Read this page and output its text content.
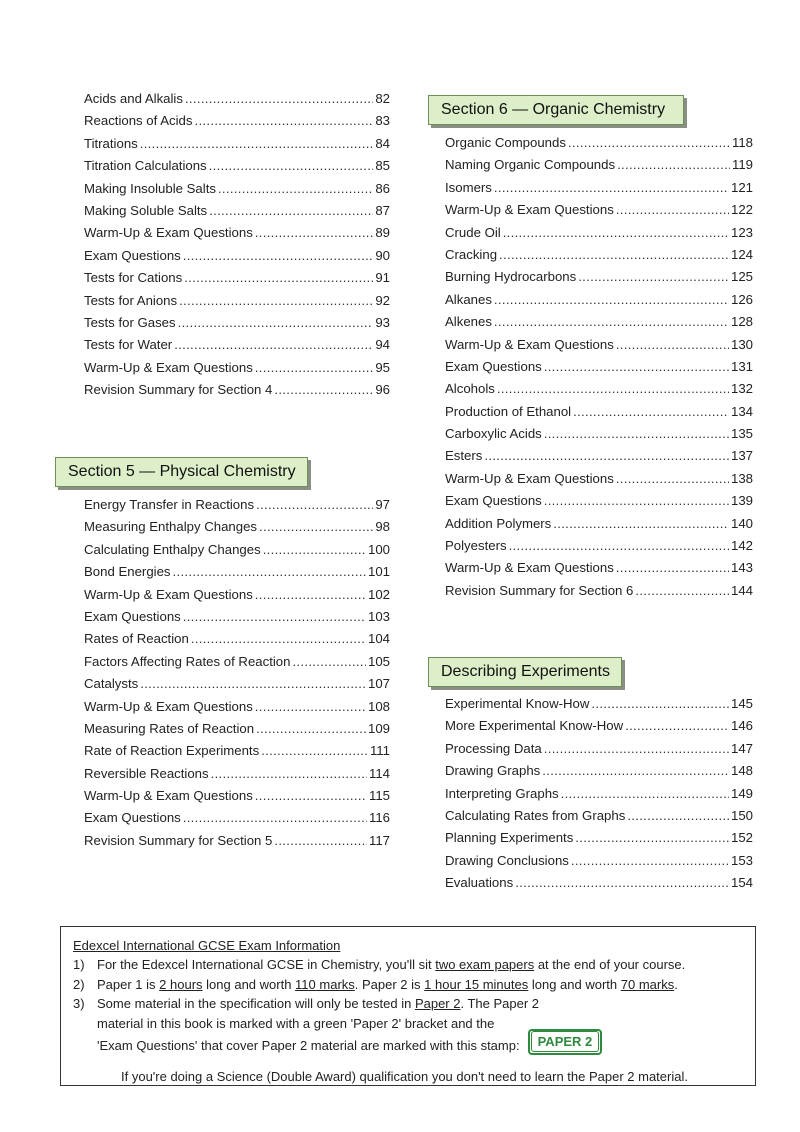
Acids and Alkalis .....	82
Reactions of Acids .....	83
Titrations .....	84
Titration Calculations .....	85
Making Insoluble Salts .....	86
Making Soluble Salts .....	87
Warm-Up & Exam Questions .....	89
Exam Questions .....	90
Tests for Cations .....	91
Tests for Anions .....	92
Tests for Gases .....	93
Tests for Water .....	94
Warm-Up & Exam Questions .....	95
Revision Summary for Section 4 .....	96
Section 5 — Physical Chemistry
Energy Transfer in Reactions .....	97
Measuring Enthalpy Changes .....	98
Calculating Enthalpy Changes .....	100
Bond Energies .....	101
Warm-Up & Exam Questions .....	102
Exam Questions .....	103
Rates of Reaction .....	104
Factors Affecting Rates of Reaction .....	105
Catalysts .....	107
Warm-Up & Exam Questions .....	108
Measuring Rates of Reaction .....	109
Rate of Reaction Experiments .....	111
Reversible Reactions .....	114
Warm-Up & Exam Questions .....	115
Exam Questions .....	116
Revision Summary for Section 5 .....	117
Section 6 — Organic Chemistry
Organic Compounds .....	118
Naming Organic Compounds .....	119
Isomers .....	121
Warm-Up & Exam Questions .....	122
Crude Oil .....	123
Cracking .....	124
Burning Hydrocarbons .....	125
Alkanes .....	126
Alkenes .....	128
Warm-Up & Exam Questions .....	130
Exam Questions .....	131
Alcohols .....	132
Production of Ethanol .....	134
Carboxylic Acids .....	135
Esters .....	137
Warm-Up & Exam Questions .....	138
Exam Questions .....	139
Addition Polymers .....	140
Polyesters .....	142
Warm-Up & Exam Questions .....	143
Revision Summary for Section 6 .....	144
Describing Experiments
Experimental Know-How .....	145
More Experimental Know-How .....	146
Processing Data .....	147
Drawing Graphs .....	148
Interpreting Graphs .....	149
Calculating Rates from Graphs .....	150
Planning Experiments .....	152
Drawing Conclusions .....	153
Evaluations .....	154
Edexcel International GCSE Exam Information
1) For the Edexcel International GCSE in Chemistry, you'll sit two exam papers at the end of your course.
2) Paper 1 is 2 hours long and worth 110 marks. Paper 2 is 1 hour 15 minutes long and worth 70 marks.
3) Some material in the specification will only be tested in Paper 2. The Paper 2
material in this book is marked with a green 'Paper 2' bracket and the
'Exam Questions' that cover Paper 2 material are marked with this stamp:	PAPER 2
If you're doing a Science (Double Award) qualification you don't need to learn the Paper 2 material.
